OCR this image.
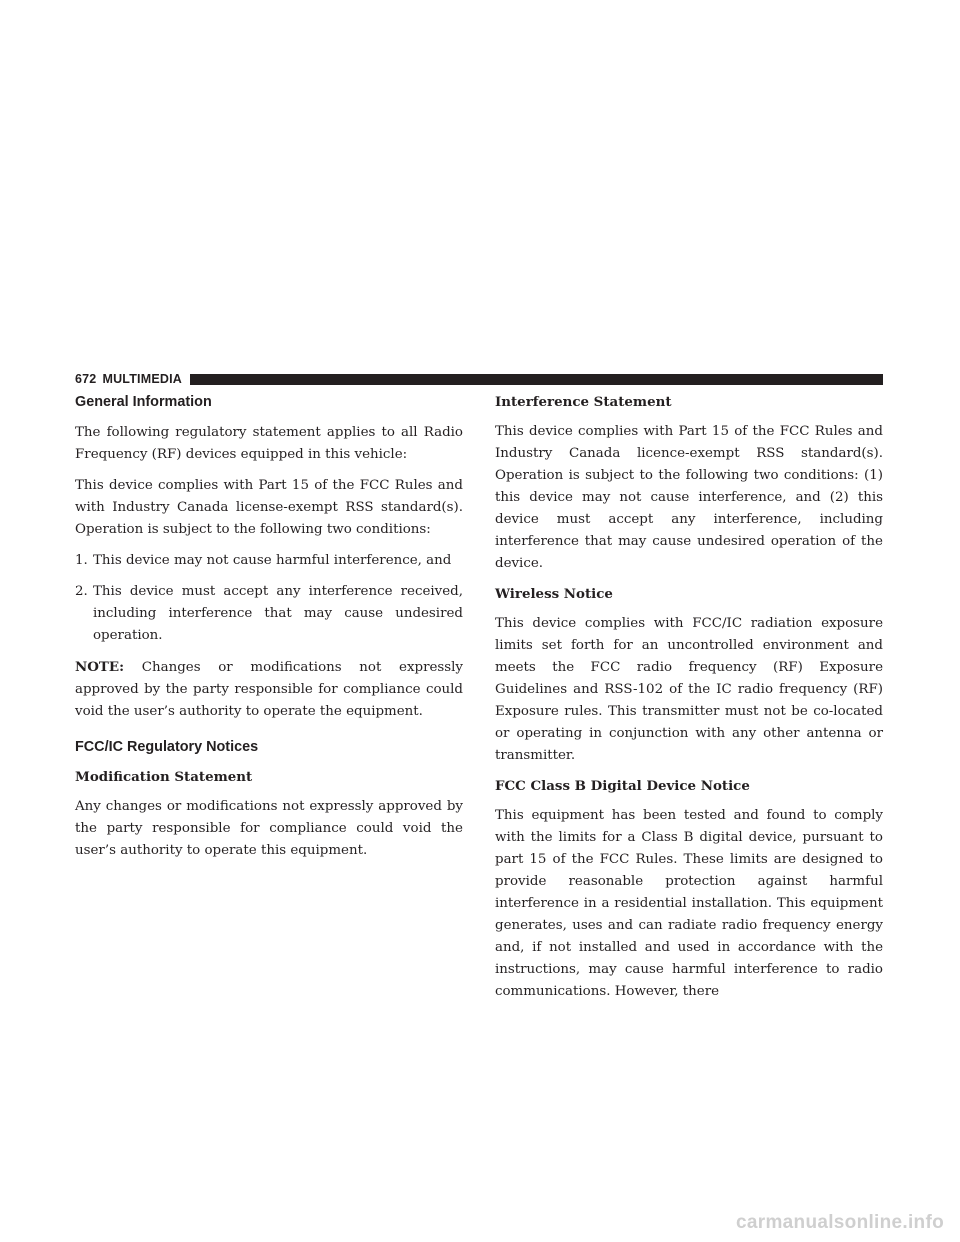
672 MULTIMEDIA
General Information

The following regulatory statement applies to all Radio Frequency (RF) devices equipped in this vehicle:

This device complies with Part 15 of the FCC Rules and with Industry Canada license-exempt RSS standard(s). Operation is subject to the following two conditions:

1. This device may not cause harmful interference, and
2. This device must accept any interference received, including interference that may cause undesired operation.

NOTE: Changes or modifications not expressly approved by the party responsible for compliance could void the user’s authority to operate the equipment.

FCC/IC Regulatory Notices
Modification Statement

Any changes or modifications not expressly approved by the party responsible for compliance could void the user’s authority to operate this equipment.

Interference Statement

This device complies with Part 15 of the FCC Rules and Industry Canada licence-exempt RSS standard(s). Operation is subject to the following two conditions: (1) this device may not cause interference, and (2) this device must accept any interference, including interference that may cause undesired operation of the device.

Wireless Notice

This device complies with FCC/IC radiation exposure limits set forth for an uncontrolled environment and meets the FCC radio frequency (RF) Exposure Guidelines and RSS-102 of the IC radio frequency (RF) Exposure rules. This transmitter must not be co-located or operating in conjunction with any other antenna or transmitter.

FCC Class B Digital Device Notice

This equipment has been tested and found to comply with the limits for a Class B digital device, pursuant to part 15 of the FCC Rules. These limits are designed to provide reasonable protection against harmful interference in a residential installation. This equipment generates, uses and can radiate radio frequency energy and, if not installed and used in accordance with the instructions, may cause harmful interference to radio communications. However, there

carmanualsonline.info
